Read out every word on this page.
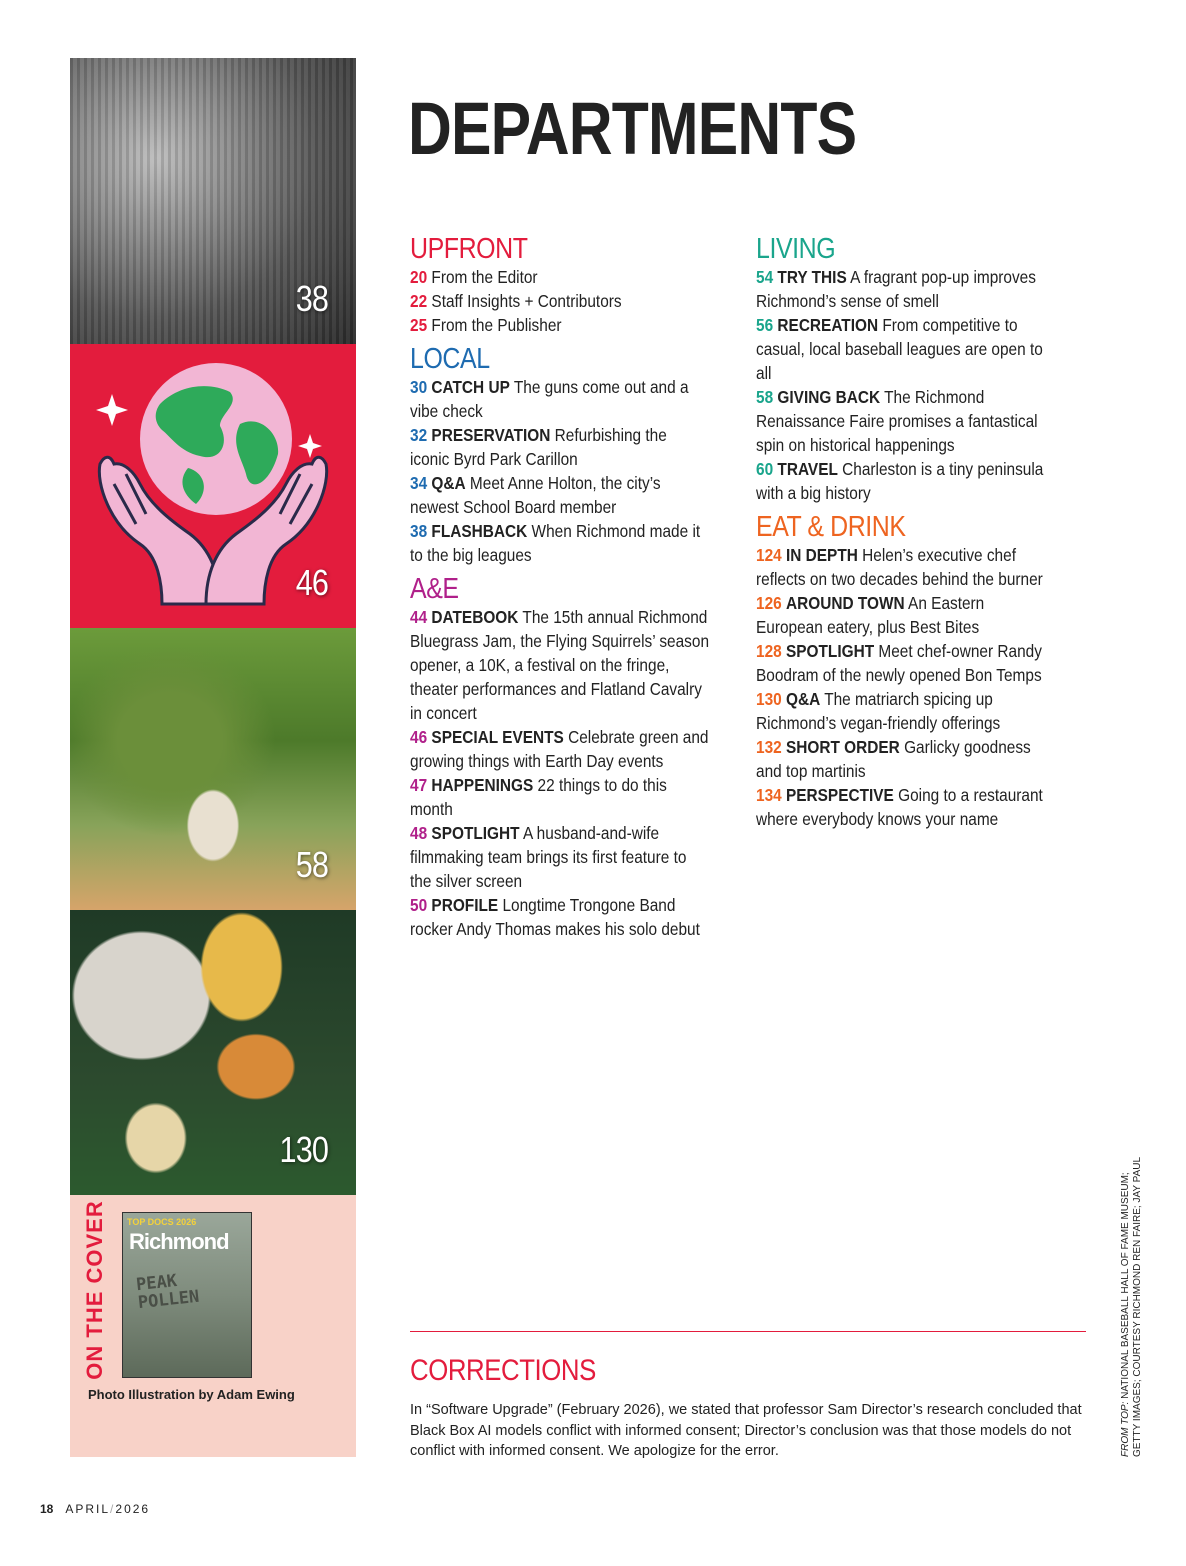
38
46
58
130
ON THE COVER TOP DOCS 2026
Richmond
PEAK
POLLEN
Photo Illustration by Adam Ewing
DEPARTMENTS
UPFRONT
20 From the Editor
22 Staff Insights + Contributors
25 From the Publisher
LOCAL
30 CATCH UP The guns come out and a vibe check
32 PRESERVATION Refurbishing the iconic Byrd Park Carillon
34 Q&A Meet Anne Holton, the city’s newest School Board member
38 FLASHBACK When Richmond made it to the big leagues
A&E
44 DATEBOOK The 15th annual Richmond Bluegrass Jam, the Flying Squirrels’ season opener, a 10K, a festival on the fringe, theater performances and Flatland Cavalry in concert
46 SPECIAL EVENTS Celebrate green and growing things with Earth Day events
47 HAPPENINGS 22 things to do this month
48 SPOTLIGHT A husband-and-wife filmmaking team brings its first feature to the silver screen
50 PROFILE Longtime Trongone Band rocker Andy Thomas makes his solo debut
LIVING
54 TRY THIS A fragrant pop-up improves Richmond’s sense of smell
56 RECREATION From competitive to casual, local baseball leagues are open to all
58 GIVING BACK The Richmond Renaissance Faire promises a fantastical spin on historical happenings
60 TRAVEL Charleston is a tiny peninsula with a big history
EAT & DRINK
124 IN DEPTH Helen’s executive chef reflects on two decades behind the burner
126 AROUND TOWN An Eastern European eatery, plus Best Bites
128 SPOTLIGHT Meet chef-owner Randy Boodram of the newly opened Bon Temps
130 Q&A The matriarch spicing up Richmond’s vegan-friendly offerings
132 SHORT ORDER Garlicky goodness and top martinis
134 PERSPECTIVE Going to a restaurant where everybody knows your name
CORRECTIONS
In “Software Upgrade” (February 2026), we stated that professor Sam Director’s research concluded that Black Box AI models conflict with informed consent; Director’s conclusion was that those models do not conflict with informed consent. We apologize for the error.	FROM TOP: NATIONAL BASEBALL HALL OF FAME MUSEUM; GETTY IMAGES; COURTESY RICHMOND REN FAIRE; JAY PAUL
18 APRIL/2026
